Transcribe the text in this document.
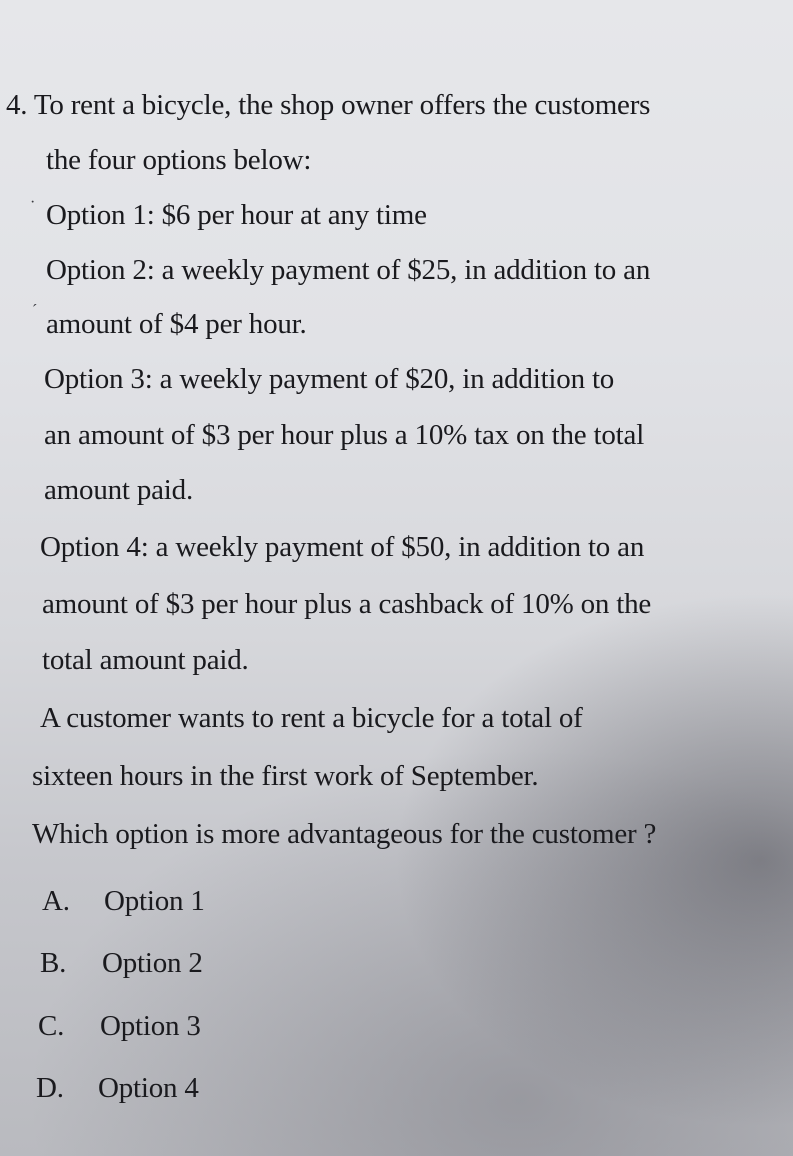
4. To rent a bicycle, the shop owner offers the customers
the four options below:
· Option 1: $6 per hour at any time
Option 2: a weekly payment of $25, in addition to an
´ amount of $4 per hour.
Option 3: a weekly payment of $20, in addition to
an amount of $3 per hour plus a 10% tax on the total
amount paid.
Option 4: a weekly payment of $50, in addition to an
amount of $3 per hour plus a cashback of 10% on the
total amount paid.
A customer wants to rent a bicycle for a total of
sixteen hours in the first work of September.
Which option is more advantageous for the customer ?
A. Option 1
B. Option 2
C. Option 3
D. Option 4
